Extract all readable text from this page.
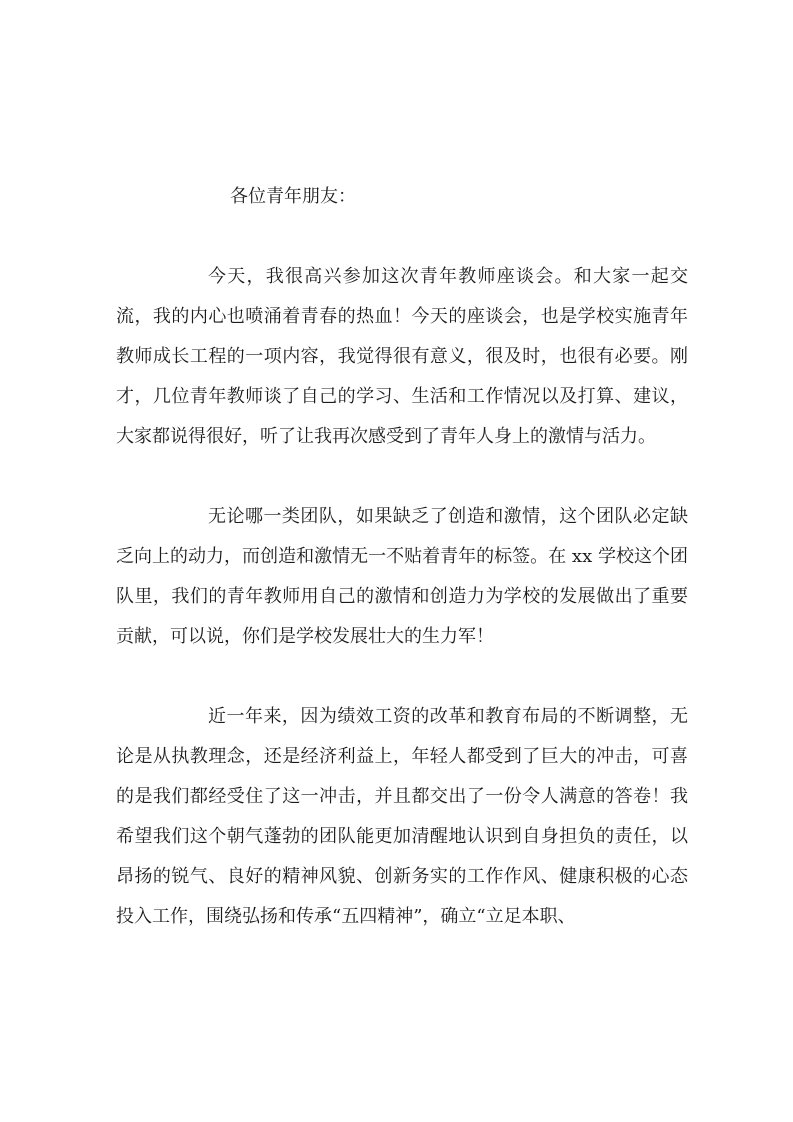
各位青年朋友：

今天，我很高兴参加这次青年教师座谈会。和大家一起交流，我的内心也喷涌着青春的热血！今天的座谈会，也是学校实施青年教师成长工程的一项内容，我觉得很有意义，很及时，也很有必要。刚才，几位青年教师谈了自己的学习、生活和工作情况以及打算、建议，大家都说得很好，听了让我再次感受到了青年人身上的激情与活力。

无论哪一类团队，如果缺乏了创造和激情，这个团队必定缺乏向上的动力，而创造和激情无一不贴着青年的标签。在 xx 学校这个团队里，我们的青年教师用自己的激情和创造力为学校的发展做出了重要贡献，可以说，你们是学校发展壮大的生力军！

近一年来，因为绩效工资的改革和教育布局的不断调整，无论是从执教理念，还是经济利益上，年轻人都受到了巨大的冲击，可喜的是我们都经受住了这一冲击，并且都交出了一份令人满意的答卷！我希望我们这个朝气蓬勃的团队能更加清醒地认识到自身担负的责任，以昂扬的锐气、良好的精神风貌、创新务实的工作作风、健康积极的心态投入工作，围绕弘扬和传承“五四精神”，确立“立足本职、
